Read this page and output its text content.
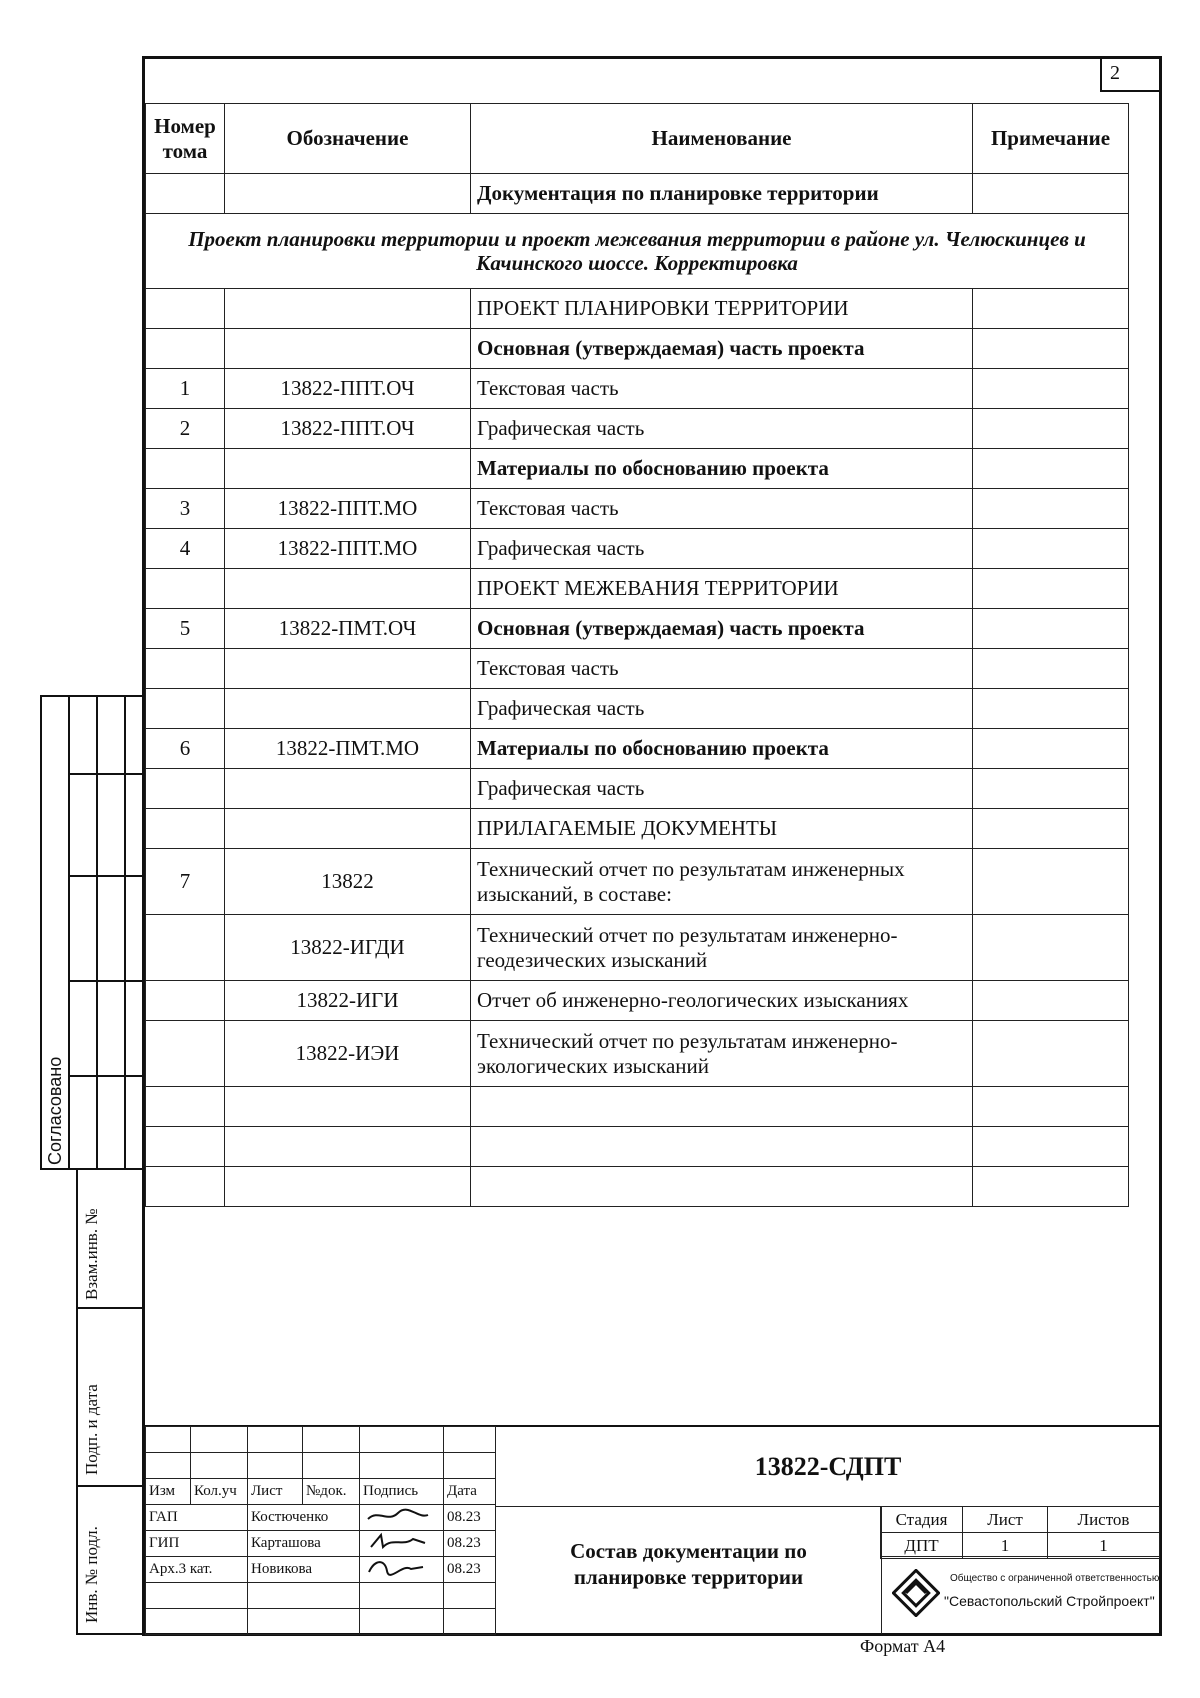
2
Номер тома	Обозначение	Наименование	Примечание
		Документация по планировке территории	
Проект планировки территории и проект межевания территории в районе ул. Челюскинцев и Качинского шоссе. Корректировка			
		ПРОЕКТ ПЛАНИРОВКИ ТЕРРИТОРИИ	
		Основная (утверждаемая) часть проекта	
1	13822-ППТ.ОЧ	Текстовая часть	
2	13822-ППТ.ОЧ	Графическая часть	
		Материалы по обоснованию проекта	
3	13822-ППТ.МО	Текстовая часть	
4	13822-ППТ.МО	Графическая часть	
		ПРОЕКТ МЕЖЕВАНИЯ ТЕРРИТОРИИ	
5	13822-ПМТ.ОЧ	Основная (утверждаемая) часть проекта	
		Текстовая часть	
		Графическая часть	
6	13822-ПМТ.МО	Материалы по обоснованию проекта	
		Графическая часть	
		ПРИЛАГАЕМЫЕ ДОКУМЕНТЫ	
7	13822	Технический отчет по результатам инженерных изысканий, в составе:	
	13822-ИГДИ	Технический отчет по результатам инженерно-геодезических изысканий	
	13822-ИГИ	Отчет об инженерно-геологических изысканиях	
	13822-ИЭИ	Технический отчет по результатам инженерно-экологических изысканий	

Согласовано
Взам.инв. №
Подп. и дата
Инв. № подл.

Изм	Кол.уч	Лист	№док.	Подпись	Дата
ГАП		Костюченко			08.23
ГИП		Карташова			08.23
Арх.3 кат.		Новикова			08.23

13822-СДПТ
Состав документации по планировке территории
Стадия	Лист	Листов
ДПТ	1	1
Общество с ограниченной ответственностью
"Севастопольский Стройпроект"
Формат А4
